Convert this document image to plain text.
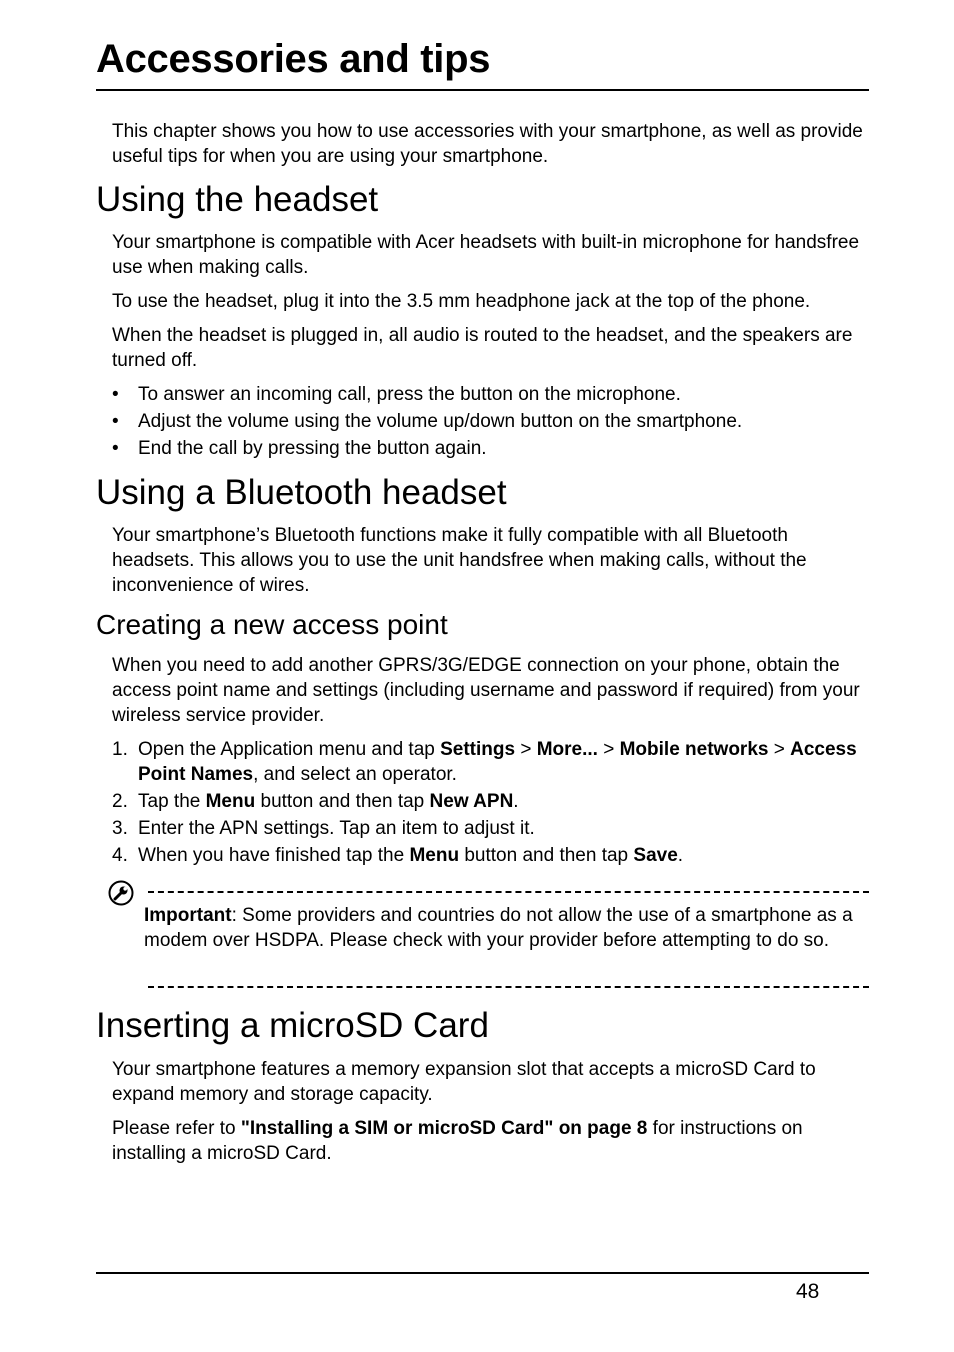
Accessories and tips

This chapter shows you how to use accessories with your smartphone, as well as provide useful tips for when you are using your smartphone.

Using the headset

Your smartphone is compatible with Acer headsets with built-in microphone for handsfree use when making calls.

To use the headset, plug it into the 3.5 mm headphone jack at the top of the phone.

When the headset is plugged in, all audio is routed to the headset, and the speakers are turned off.

• To answer an incoming call, press the button on the microphone.
• Adjust the volume using the volume up/down button on the smartphone.
• End the call by pressing the button again.
Using a Bluetooth headset

Your smartphone’s Bluetooth functions make it fully compatible with all Bluetooth headsets. This allows you to use the unit handsfree when making calls, without the inconvenience of wires.

Creating a new access point

When you need to add another GPRS/3G/EDGE connection on your phone, obtain the access point name and settings (including username and password if required) from your wireless service provider.

1. Open the Application menu and tap Settings > More... > Mobile networks > Access Point Names, and select an operator.
2. Tap the Menu button and then tap New APN.
3. Enter the APN settings. Tap an item to adjust it.
4. When you have finished tap the Menu button and then tap Save.

Important: Some providers and countries do not allow the use of a smartphone as a modem over HSDPA. Please check with your provider before attempting to do so.

Inserting a microSD Card

Your smartphone features a memory expansion slot that accepts a microSD Card to expand memory and storage capacity.

Please refer to "Installing a SIM or microSD Card" on page 8 for instructions on installing a microSD Card.

48
